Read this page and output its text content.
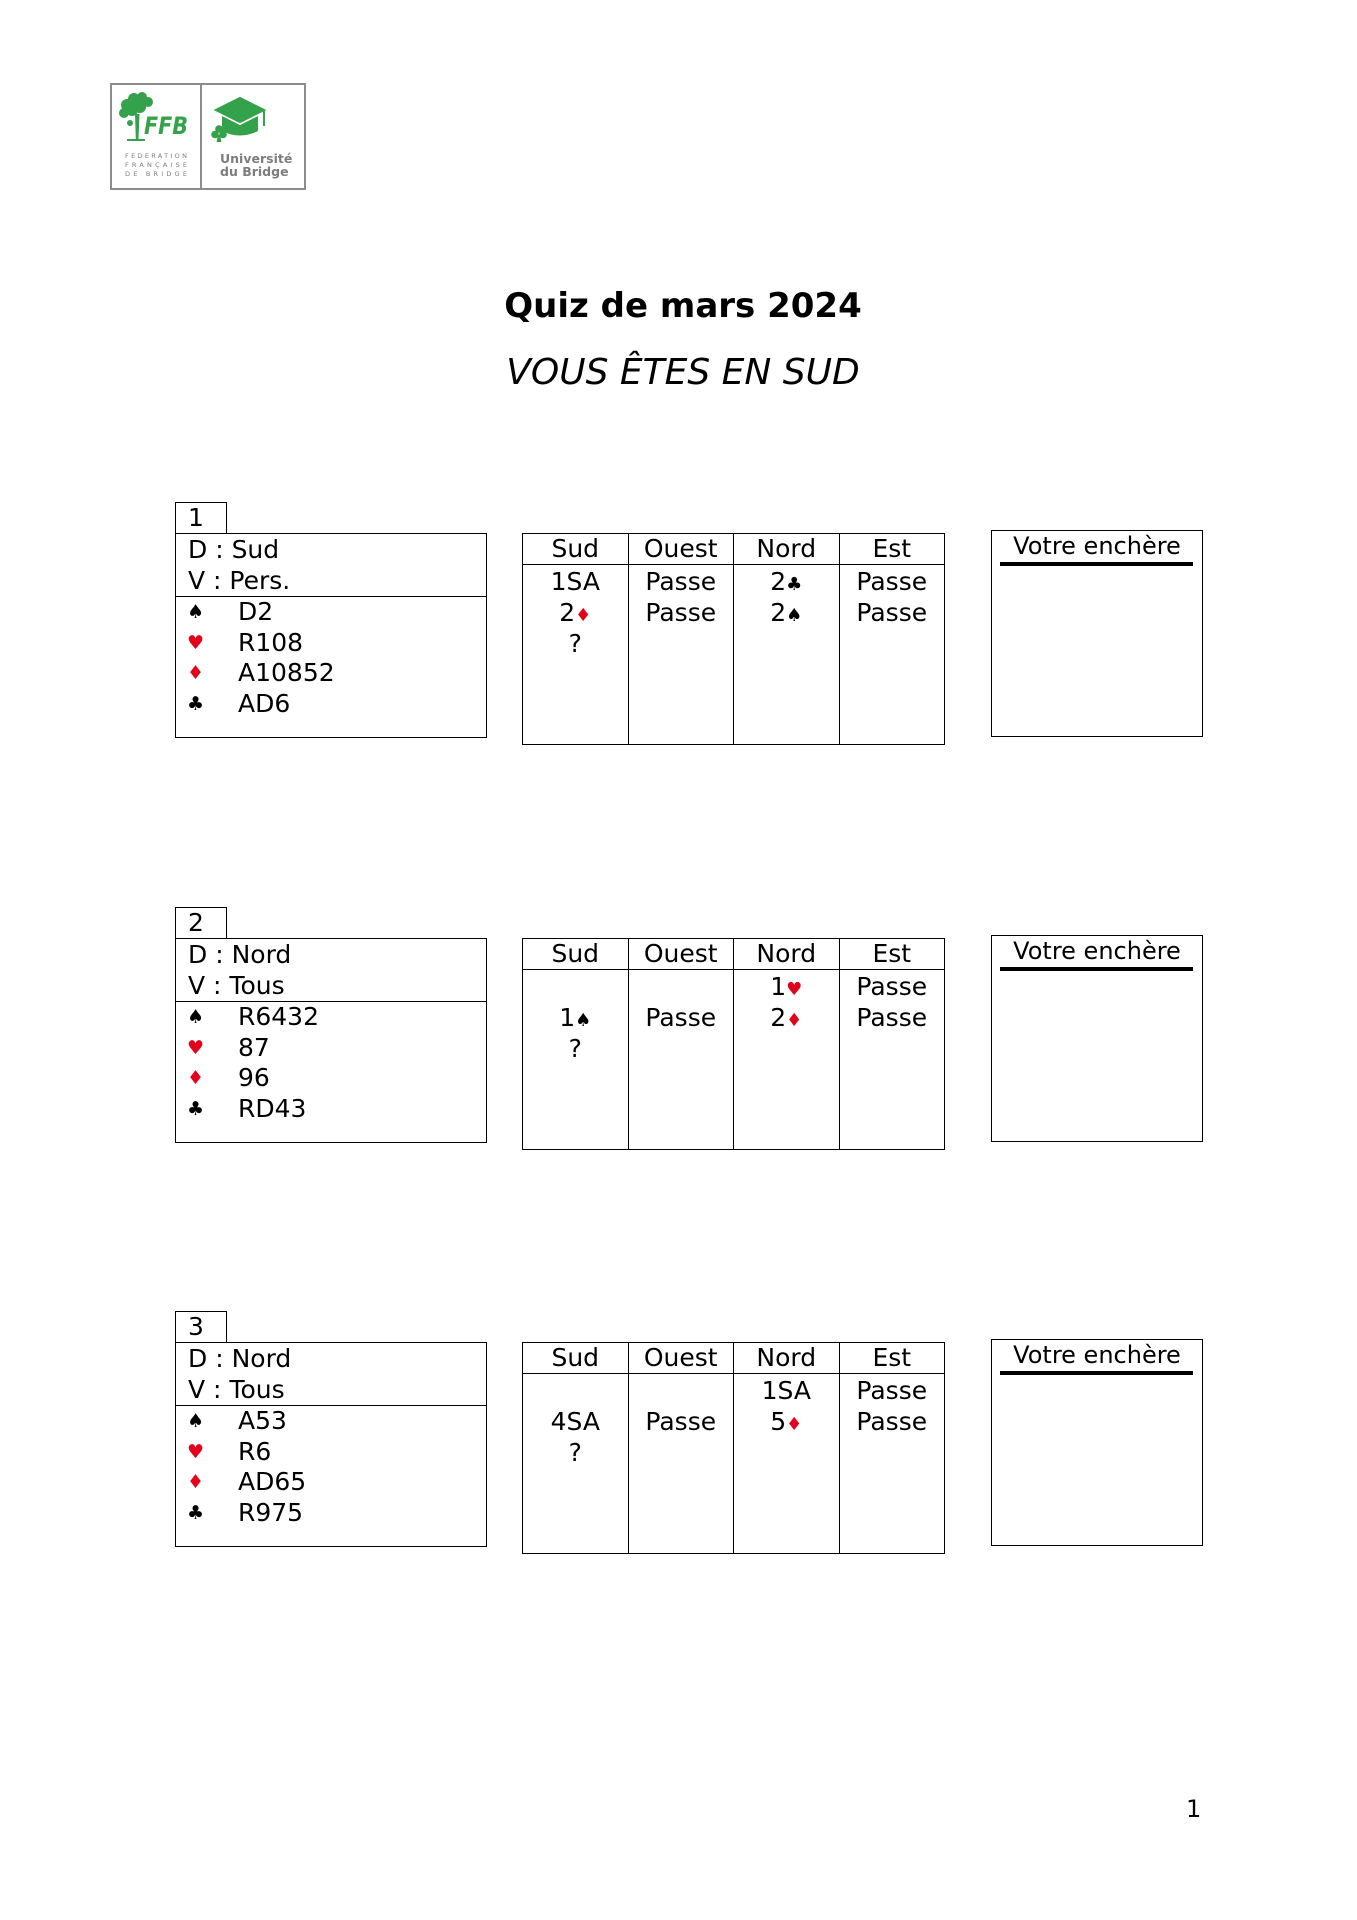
FFB
FEDERATION
FRANÇAISE
DE BRIDGE
Université
du Bridge
Quiz de mars 2024
VOUS ÊTES EN SUD
1
D : Sud
V : Pers.
♠ D2
♥ R108
♦ A10852
♣ AD6
Sud
1SA
2♦
?
Ouest
Passe
Passe
Nord
2♣
2♠
Est
Passe
Passe
Votre enchère
2
D : Nord
V : Tous
♠ R6432
♥ 87
♦ 96
♣ RD43
Sud
1♠
?
Ouest
Passe
Nord
1♥
2♦
Est
Passe
Passe
Votre enchère
3
D : Nord
V : Tous
♠ A53
♥ R6
♦ AD65
♣ R975
Sud
4SA
?
Ouest
Passe
Nord
1SA
5♦
Est
Passe
Passe
Votre enchère
1
